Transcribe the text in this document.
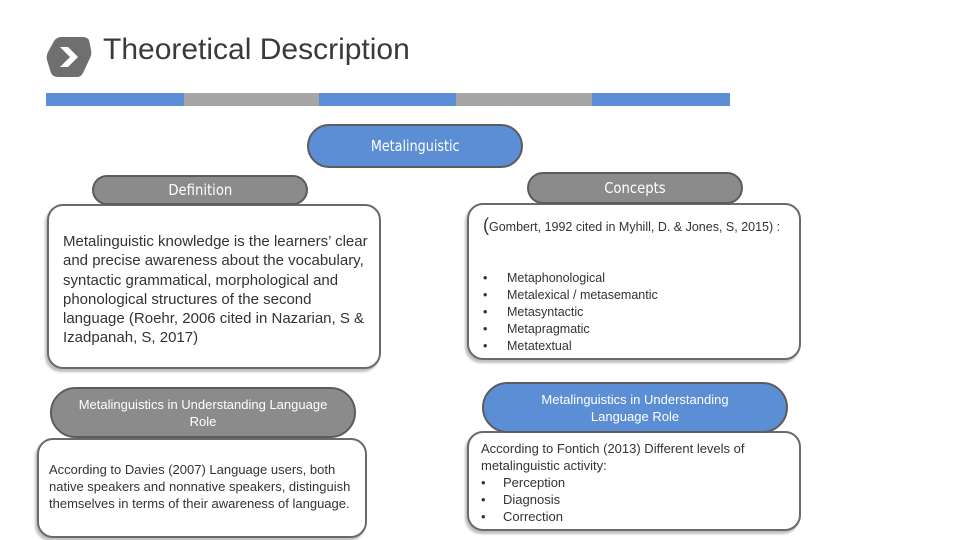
Theoretical Description
Metalinguistic
Metalinguistic knowledge is the learners’ clear and precise awareness about the vocabulary, syntactic grammatical, morphological and phonological structures of the second language (Roehr, 2006 cited in Nazarian, S & Izadpanah, S, 2017)
Definition
(Gombert, 1992 cited in Myhill, D. & Jones, S, 2015) :
• Metaphonological
• Metalexical / metasemantic
• Metasyntactic
• Metapragmatic
• Metatextual
Concepts
According to Davies (2007) Language users, both native speakers and nonnative speakers, distinguish themselves in terms of their awareness of language.
Metalinguistics in Understanding Language Role
According to Fontich (2013) Different levels of metalinguistic activity:
• Perception
• Diagnosis
• Correction
Metalinguistics in Understanding Language Role
